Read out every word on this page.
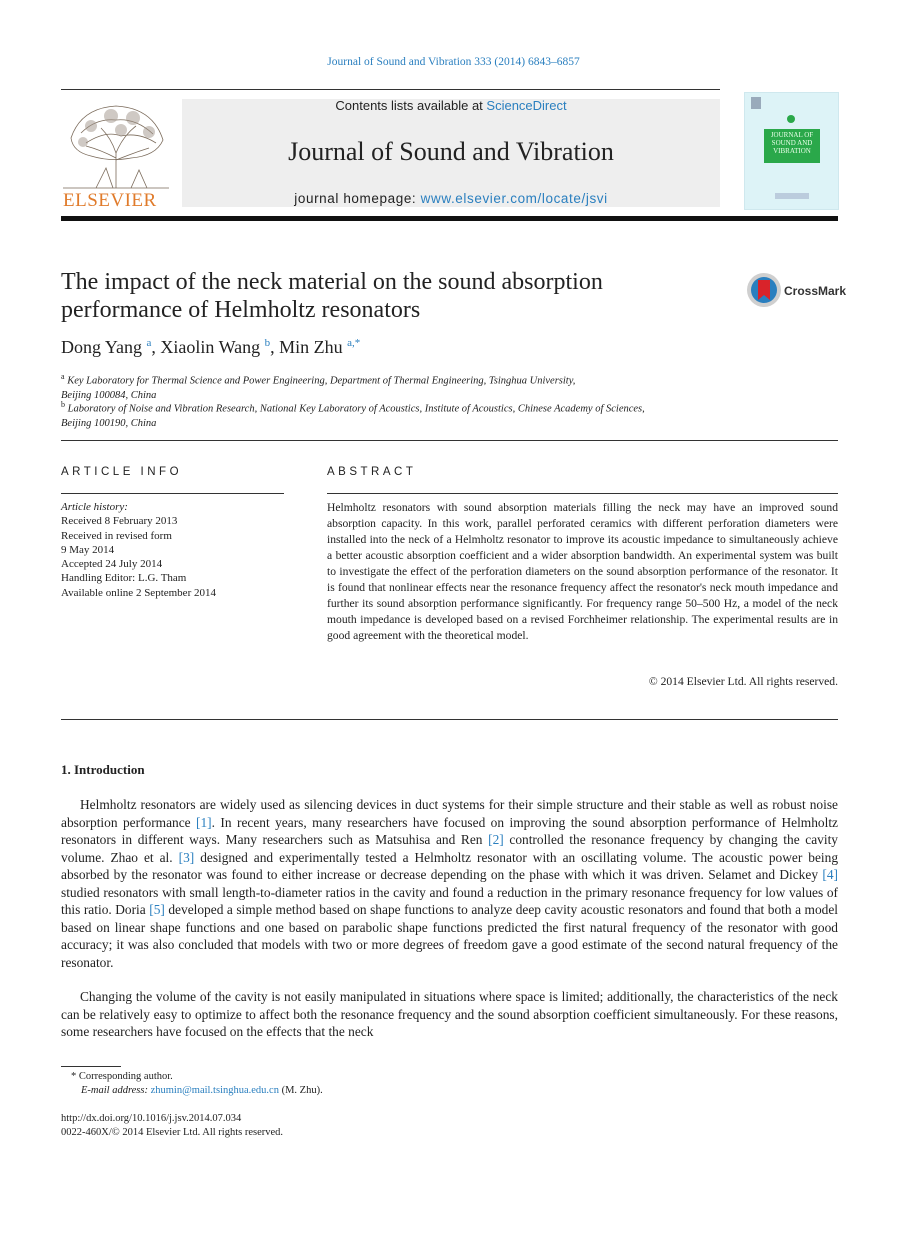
Journal of Sound and Vibration 333 (2014) 6843–6857
ELSEVIER
Contents lists available at ScienceDirect
Journal of Sound and Vibration
journal homepage: www.elsevier.com/locate/jsvi
JOURNAL OF SOUND AND VIBRATION
The impact of the neck material on the sound absorption performance of Helmholtz resonators
CrossMark
Dong Yang $^a$, Xiaolin Wang $^b$, Min Zhu $^{a,*}$
$^a$ Key Laboratory for Thermal Science and Power Engineering, Department of Thermal Engineering, Tsinghua University,
Beijing 100084, China
$^b$ Laboratory of Noise and Vibration Research, National Key Laboratory of Acoustics, Institute of Acoustics, Chinese Academy of Sciences,
Beijing 100190, China
ARTICLE INFO
Article history:
Received 8 February 2013
Received in revised form
9 May 2014
Accepted 24 July 2014
Handling Editor: L.G. Tham
Available online 2 September 2014
ABSTRACT
Helmholtz resonators with sound absorption materials filling the neck may have an improved sound absorption capacity. In this work, parallel perforated ceramics with different perforation diameters were installed into the neck of a Helmholtz resonator to improve its acoustic impedance to simultaneously achieve a better acoustic absorption coefficient and a wider absorption bandwidth. An experimental system was built to investigate the effect of the perforation diameters on the sound absorption performance of the resonator. It is found that nonlinear effects near the resonance frequency affect the resonator's neck mouth impedance and further its sound absorption performance significantly. For frequency range 50–500 Hz, a model of the neck mouth impedance is developed based on a revised Forchheimer relationship. The experimental results are in good agreement with the theoretical model.
© 2014 Elsevier Ltd. All rights reserved.
1. Introduction
Helmholtz resonators are widely used as silencing devices in duct systems for their simple structure and their stable as well as robust noise absorption performance [1]. In recent years, many researchers have focused on improving the sound absorption performance of Helmholtz resonators in different ways. Many researchers such as Matsuhisa and Ren [2] controlled the resonance frequency by changing the cavity volume. Zhao et al. [3] designed and experimentally tested a Helmholtz resonator with an oscillating volume. The acoustic power being absorbed by the resonator was found to either increase or decrease depending on the phase with which it was driven. Selamet and Dickey [4] studied resonators with small length-to-diameter ratios in the cavity and found a reduction in the primary resonance frequency for low values of this ratio. Doria [5] developed a simple method based on shape functions to analyze deep cavity acoustic resonators and found that both a model based on linear shape functions and one based on parabolic shape functions predicted the first natural frequency of the resonator with good accuracy; it was also concluded that models with two or more degrees of freedom gave a good estimate of the second natural frequency of the resonator.
Changing the volume of the cavity is not easily manipulated in situations where space is limited; additionally, the characteristics of the neck can be relatively easy to optimize to affect both the resonance frequency and the sound absorption coefficient simultaneously. For these reasons, some researchers have focused on the effects that the neck
* Corresponding author.
E-mail address: zhumin@mail.tsinghua.edu.cn (M. Zhu).
http://dx.doi.org/10.1016/j.jsv.2014.07.034
0022-460X/© 2014 Elsevier Ltd. All rights reserved.
